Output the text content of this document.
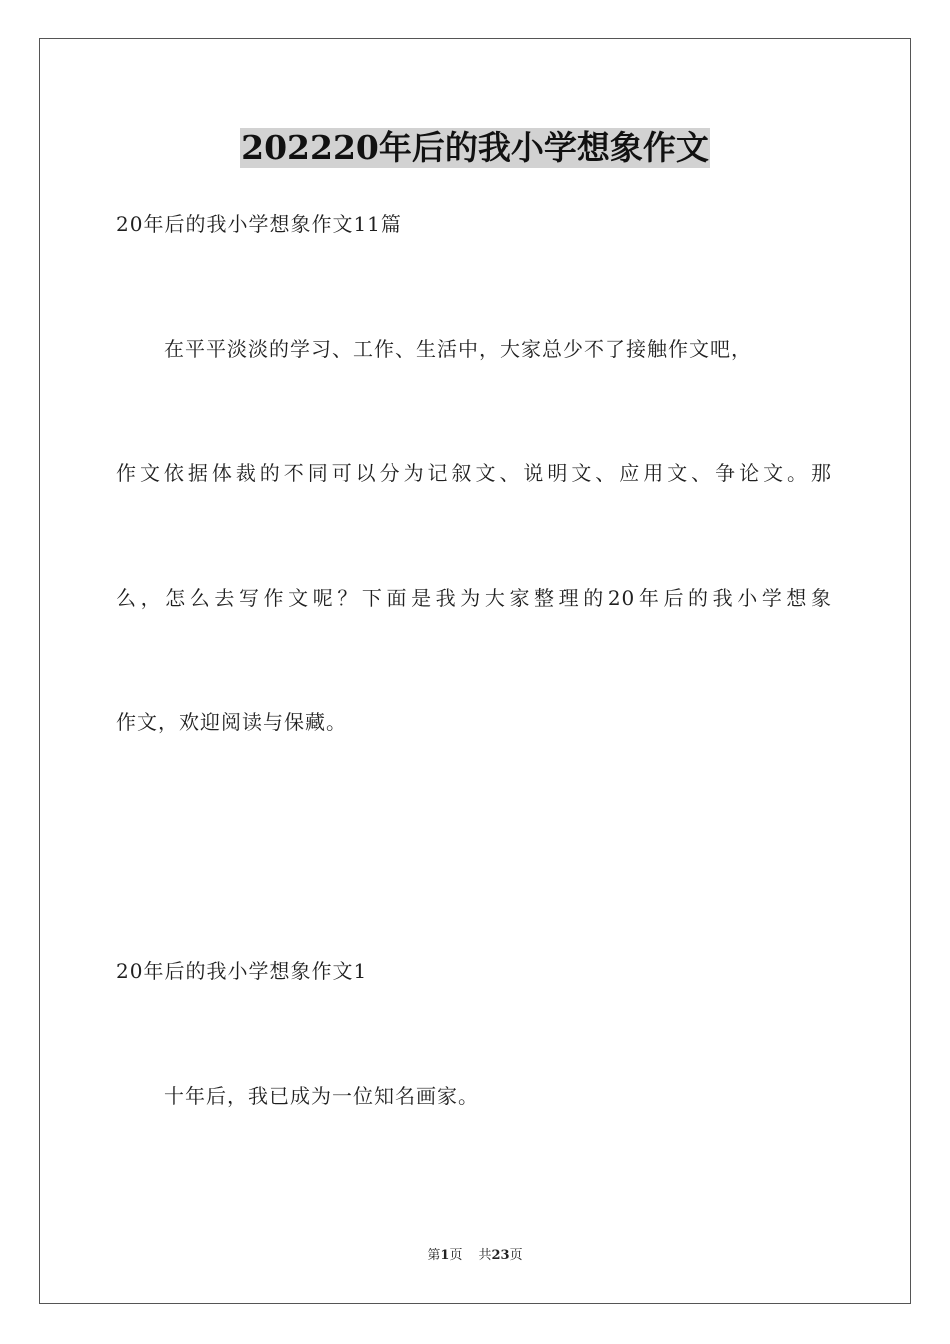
202220年后的我小学想象作文

20年后的我小学想象作文11篇

在平平淡淡的学习、工作、生活中，大家总少不了接触作文吧，

作文依据体裁的不同可以分为记叙文、说明文、应用文、争论文。那

么，怎么去写作文呢？下面是我为大家整理的20年后的我小学想象

作文，欢迎阅读与保藏。

20年后的我小学想象作文1

十年后，我已成为一位知名画家。

第1页 共23页
